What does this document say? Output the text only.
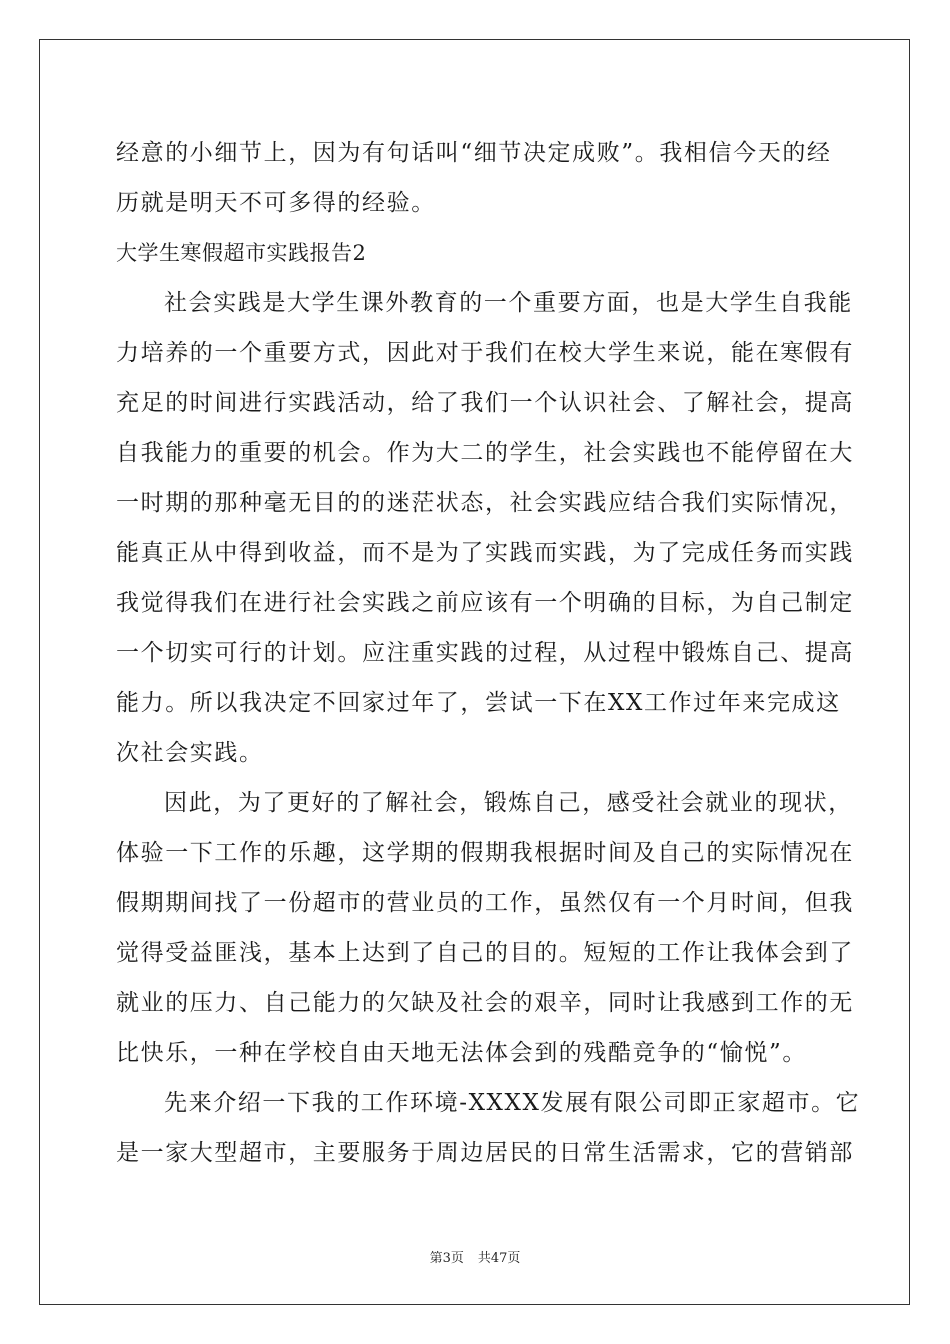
经意的小细节上，因为有句话叫“细节决定成败”。我相信今天的经
历就是明天不可多得的经验。
大学生寒假超市实践报告2
社会实践是大学生课外教育的一个重要方面，也是大学生自我能
力培养的一个重要方式，因此对于我们在校大学生来说，能在寒假有
充足的时间进行实践活动，给了我们一个认识社会、了解社会，提高
自我能力的重要的机会。作为大二的学生，社会实践也不能停留在大
一时期的那种毫无目的的迷茫状态，社会实践应结合我们实际情况，
能真正从中得到收益，而不是为了实践而实践，为了完成任务而实践
我觉得我们在进行社会实践之前应该有一个明确的目标，为自己制定
一个切实可行的计划。应注重实践的过程，从过程中锻炼自己、提高
能力。所以我决定不回家过年了，尝试一下在XX工作过年来完成这
次社会实践。
因此，为了更好的了解社会，锻炼自己，感受社会就业的现状，
体验一下工作的乐趣，这学期的假期我根据时间及自己的实际情况在
假期期间找了一份超市的营业员的工作，虽然仅有一个月时间，但我
觉得受益匪浅，基本上达到了自己的目的。短短的工作让我体会到了
就业的压力、自己能力的欠缺及社会的艰辛，同时让我感到工作的无
比快乐，一种在学校自由天地无法体会到的残酷竞争的“愉悦”。
先来介绍一下我的工作环境-XXXX发展有限公司即正家超市。它
是一家大型超市，主要服务于周边居民的日常生活需求，它的营销部
第3页 共47页
